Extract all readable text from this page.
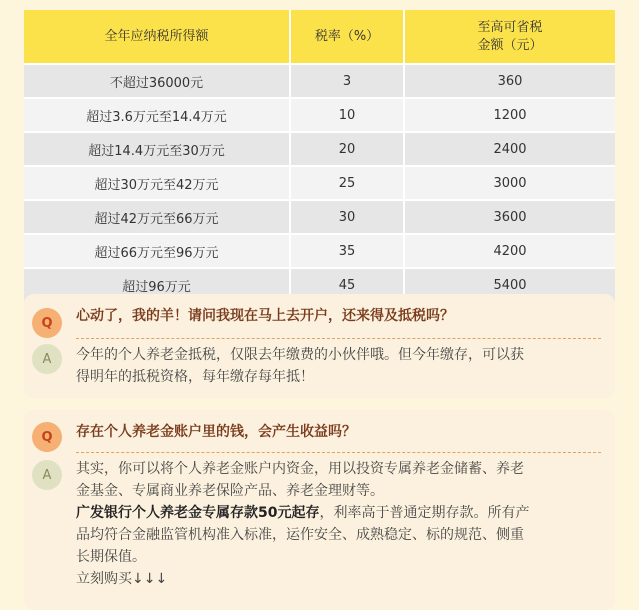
全年应纳税所得额	税率（%）	至高可省税
金额（元）

不超过36000元	3	360
超过3.6万元至14.4万元	10	1200
超过14.4万元至30万元	20	2400
超过30万元至42万元	25	3000
超过42万元至66万元	30	3600
超过66万元至96万元	35	4200
超过96万元	45	5400
Q	心动了，我的羊！请问我现在马上去开户，还来得及抵税吗？
A	今年的个人养老金抵税，仅限去年缴费的小伙伴哦。但今年缴存，可以获
得明年的抵税资格，每年缴存每年抵！
Q	存在个人养老金账户里的钱，会产生收益吗？
A	其实，你可以将个人养老金账户内资金，用以投资专属养老金储蓄、养老
金基金、专属商业养老保险产品、养老金理财等。
广发银行个人养老金专属存款50元起存，利率高于普通定期存款。所有产
品均符合金融监管机构准入标准，运作安全、成熟稳定、标的规范、侧重
长期保值。
立刻购买↓↓↓
